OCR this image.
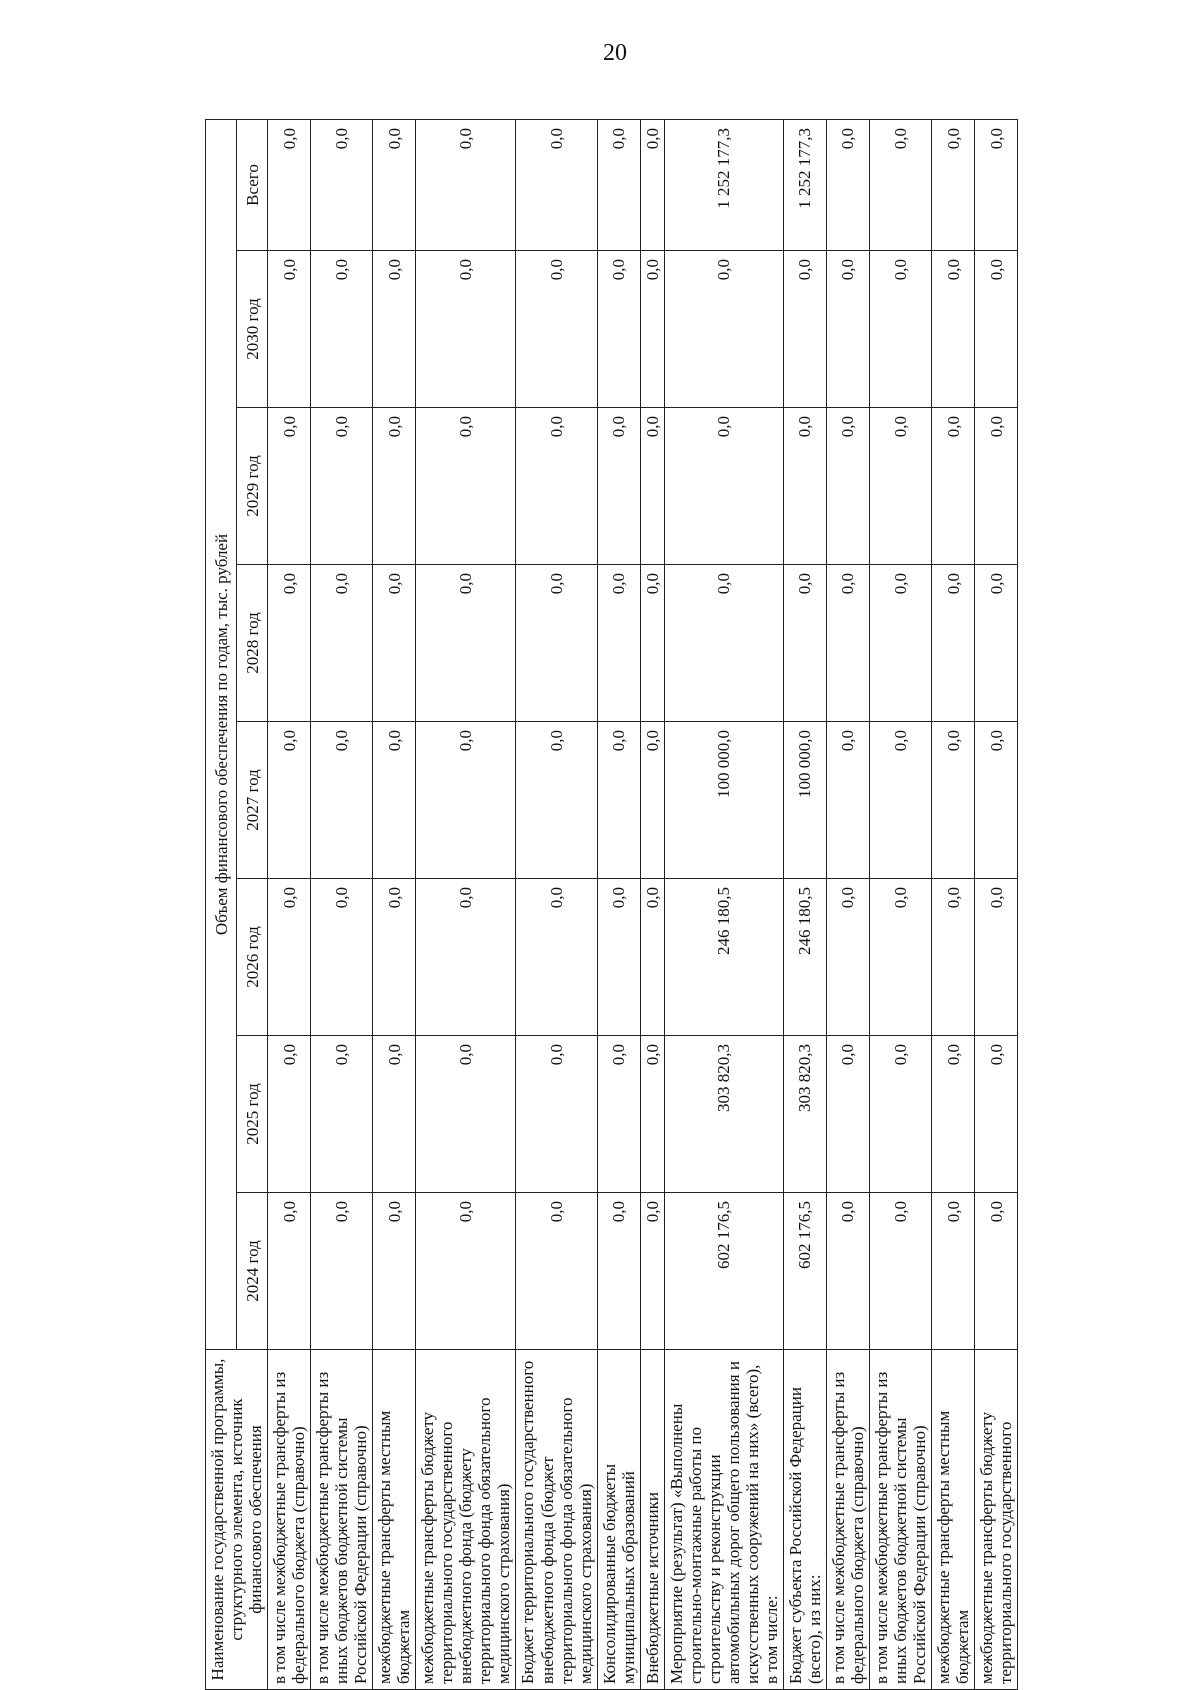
20
Наименование государственной программы, структурного элемента, источник финансового обеспечения	Объем финансового обеспечения по годам, тыс. рублей							
	2024 год	2025 год	2026 год	2027 год	2028 год	2029 год	2030 год	Всего
в том числе межбюджетные трансферты из федерального бюджета (справочно)	0,0	0,0	0,0	0,0	0,0	0,0	0,0	0,0
в том числе межбюджетные трансферты из иных бюджетов бюджетной системы Российской Федерации (справочно)	0,0	0,0	0,0	0,0	0,0	0,0	0,0	0,0
межбюджетные трансферты местным бюджетам	0,0	0,0	0,0	0,0	0,0	0,0	0,0	0,0
межбюджетные трансферты бюджету территориального государственного внебюджетного фонда (бюджету территориального фонда обязательного медицинского страхования)	0,0	0,0	0,0	0,0	0,0	0,0	0,0	0,0
Бюджет территориального государственного внебюджетного фонда (бюджет территориального фонда обязательного медицинского страхования)	0,0	0,0	0,0	0,0	0,0	0,0	0,0	0,0
Консолидированные бюджеты муниципальных образований	0,0	0,0	0,0	0,0	0,0	0,0	0,0	0,0
Внебюджетные источники	0,0	0,0	0,0	0,0	0,0	0,0	0,0	0,0
Мероприятие (результат) «Выполнены строительно-монтажные работы по строительству и реконструкции автомобильных дорог общего пользования и искусственных сооружений на них» (всего), в том числе:	602 176,5	303 820,3	246 180,5	100 000,0	0,0	0,0	0,0	1 252 177,3
Бюджет субъекта Российской Федерации (всего), из них:	602 176,5	303 820,3	246 180,5	100 000,0	0,0	0,0	0,0	1 252 177,3
в том числе межбюджетные трансферты из федерального бюджета (справочно)	0,0	0,0	0,0	0,0	0,0	0,0	0,0	0,0
в том числе межбюджетные трансферты из иных бюджетов бюджетной системы Российской Федерации (справочно)	0,0	0,0	0,0	0,0	0,0	0,0	0,0	0,0
межбюджетные трансферты местным бюджетам	0,0	0,0	0,0	0,0	0,0	0,0	0,0	0,0
межбюджетные трансферты бюджету территориального государственного	0,0	0,0	0,0	0,0	0,0	0,0	0,0	0,0
